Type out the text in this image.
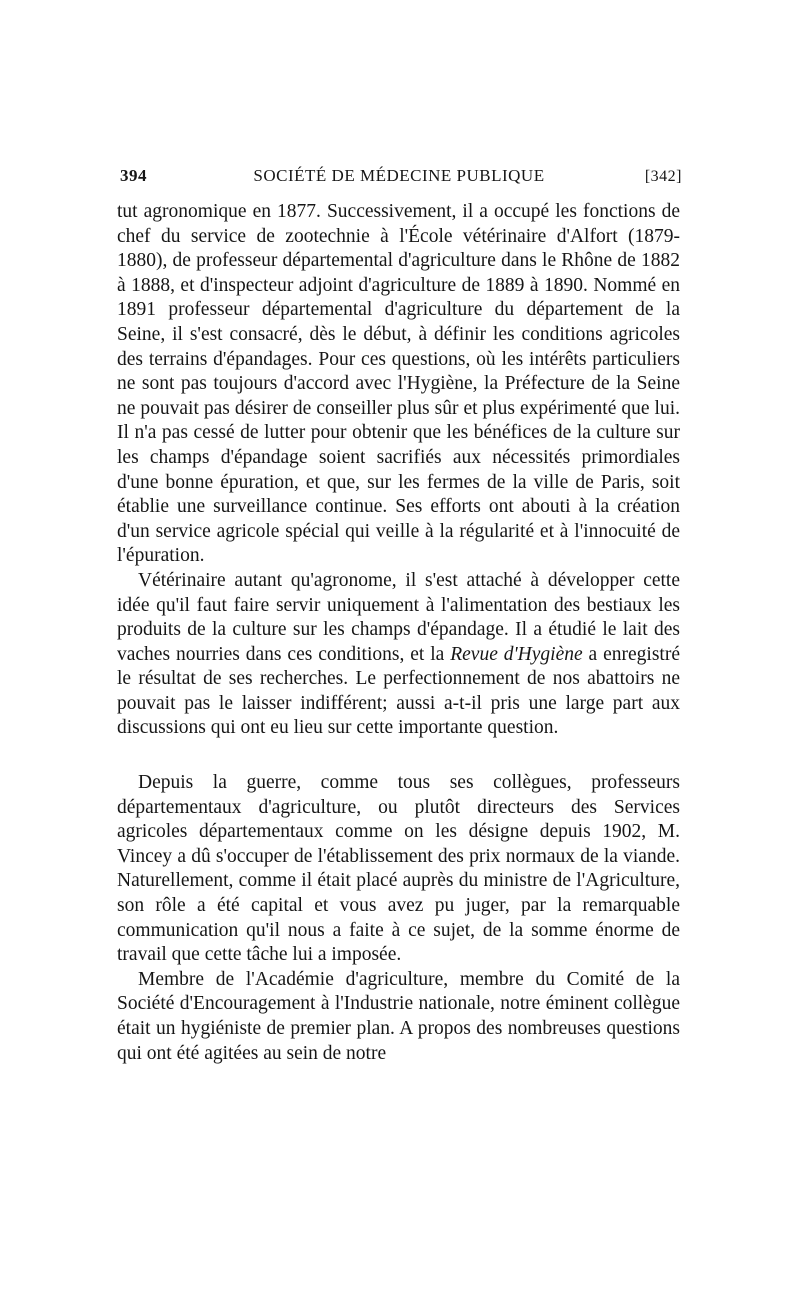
394	SOCIÉTÉ DE MÉDECINE PUBLIQUE	[342]

tut agronomique en 1877. Successivement, il a occupé les fonctions de chef du service de zootechnie à l'École vétérinaire d'Alfort (1879-1880), de professeur départemental d'agriculture dans le Rhône de 1882 à 1888, et d'inspecteur adjoint d'agriculture de 1889 à 1890. Nommé en 1891 professeur départemental d'agriculture du département de la Seine, il s'est consacré, dès le début, à définir les conditions agricoles des terrains d'épandages. Pour ces questions, où les intérêts particuliers ne sont pas toujours d'accord avec l'Hygiène, la Préfecture de la Seine ne pouvait pas désirer de conseiller plus sûr et plus expérimenté que lui. Il n'a pas cessé de lutter pour obtenir que les bénéfices de la culture sur les champs d'épandage soient sacrifiés aux nécessités primordiales d'une bonne épuration, et que, sur les fermes de la ville de Paris, soit établie une surveillance continue. Ses efforts ont abouti à la création d'un service agricole spécial qui veille à la régularité et à l'innocuité de l'épuration.

Vétérinaire autant qu'agronome, il s'est attaché à développer cette idée qu'il faut faire servir uniquement à l'alimentation des bestiaux les produits de la culture sur les champs d'épandage. Il a étudié le lait des vaches nourries dans ces conditions, et la Revue d'Hygiène a enregistré le résultat de ses recherches. Le perfectionnement de nos abattoirs ne pouvait pas le laisser indifférent; aussi a-t-il pris une large part aux discussions qui ont eu lieu sur cette importante question.

Depuis la guerre, comme tous ses collègues, professeurs départementaux d'agriculture, ou plutôt directeurs des Services agricoles départementaux comme on les désigne depuis 1902, M. Vincey a dû s'occuper de l'établissement des prix normaux de la viande. Naturellement, comme il était placé auprès du ministre de l'Agriculture, son rôle a été capital et vous avez pu juger, par la remarquable communication qu'il nous a faite à ce sujet, de la somme énorme de travail que cette tâche lui a imposée.

Membre de l'Académie d'agriculture, membre du Comité de la Société d'Encouragement à l'Industrie nationale, notre éminent collègue était un hygiéniste de premier plan. A propos des nombreuses questions qui ont été agitées au sein de notre
